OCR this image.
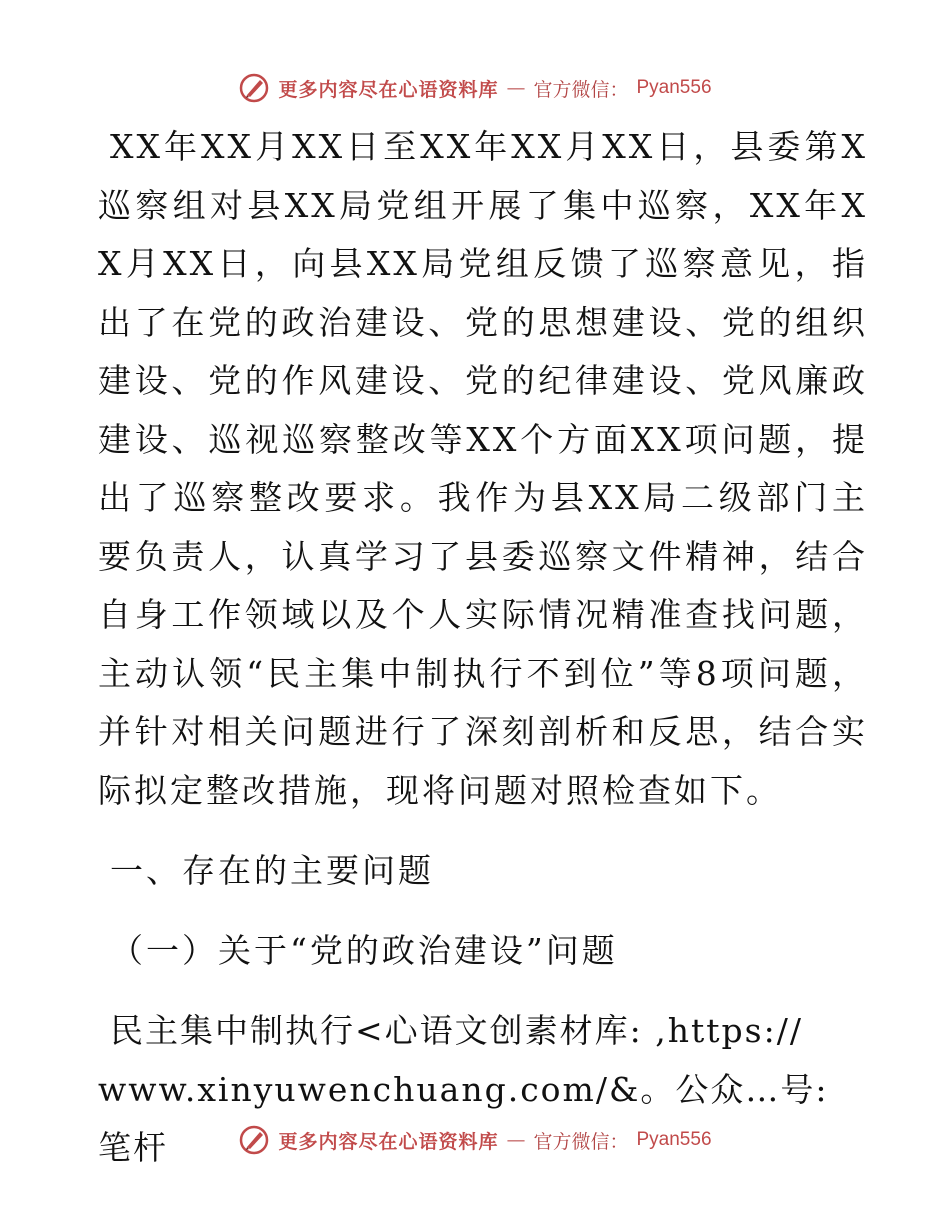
更多内容尽在心语资料库 — 官方微信： Pyan556

XX年XX月XX日至XX年XX月XX日，县委第X巡察组对县XX局党组开展了集中巡察，XX年XX月XX日，向县XX局党组反馈了巡察意见，指出了在党的政治建设、党的思想建设、党的组织建设、党的作风建设、党的纪律建设、党风廉政建设、巡视巡察整改等XX个方面XX项问题，提出了巡察整改要求。我作为县XX局二级部门主要负责人，认真学习了县委巡察文件精神，结合自身工作领域以及个人实际情况精准查找问题，主动认领“民主集中制执行不到位”等8项问题，并针对相关问题进行了深刻剖析和反思，结合实际拟定整改措施，现将问题对照检查如下。

一、存在的主要问题

（一）关于“党的政治建设”问题

民主集中制执行<心语文创素材库: ,https://
www.xinyuwenchuang.com/&。公众…号: 笔杆	更多内容尽在心语资料库 — 官方微信： Pyan556
